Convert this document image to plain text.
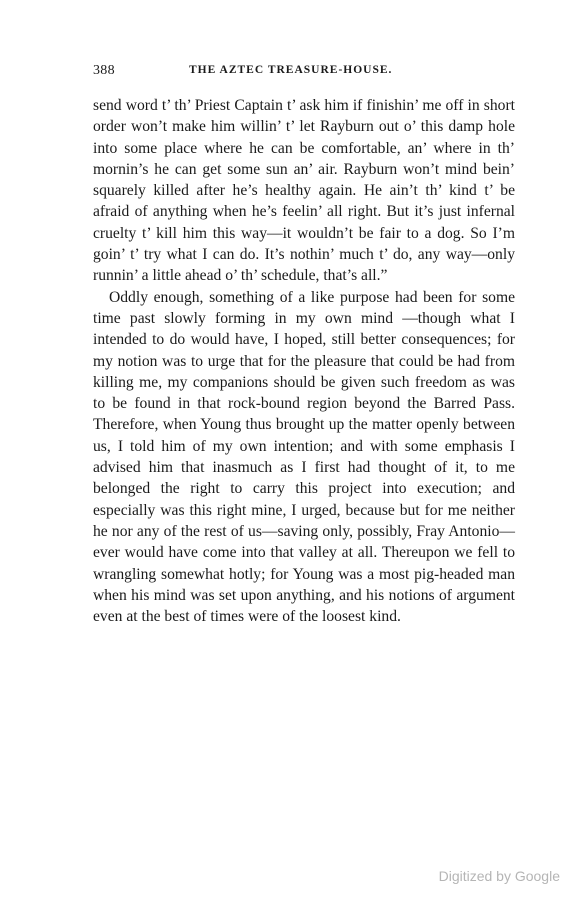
388	THE AZTEC TREASURE-HOUSE.

send word t’ th’ Priest Captain t’ ask him if finishin’ me off in short order won’t make him willin’ t’ let Rayburn out o’ this damp hole into some place where he can be comfortable, an’ where in th’ mornin’s he can get some sun an’ air. Rayburn won’t mind bein’ squarely killed after he’s healthy again. He ain’t th’ kind t’ be afraid of anything when he’s feelin’ all right. But it’s just infernal cruelty t’ kill him this way—it wouldn’t be fair to a dog. So I’m goin’ t’ try what I can do. It’s nothin’ much t’ do, any way—only runnin’ a little ahead o’ th’ schedule, that’s all.”

Oddly enough, something of a like purpose had been for some time past slowly forming in my own mind —though what I intended to do would have, I hoped, still better consequences; for my notion was to urge that for the pleasure that could be had from killing me, my companions should be given such freedom as was to be found in that rock-bound region beyond the Barred Pass. Therefore, when Young thus brought up the matter openly between us, I told him of my own intention; and with some emphasis I advised him that inasmuch as I first had thought of it, to me belonged the right to carry this project into execution; and especially was this right mine, I urged, because but for me neither he nor any of the rest of us—saving only, possibly, Fray Antonio—ever would have come into that valley at all. Thereupon we fell to wrangling somewhat hotly; for Young was a most pig-headed man when his mind was set upon anything, and his notions of argument even at the best of times were of the loosest kind.

Digitized by Google
